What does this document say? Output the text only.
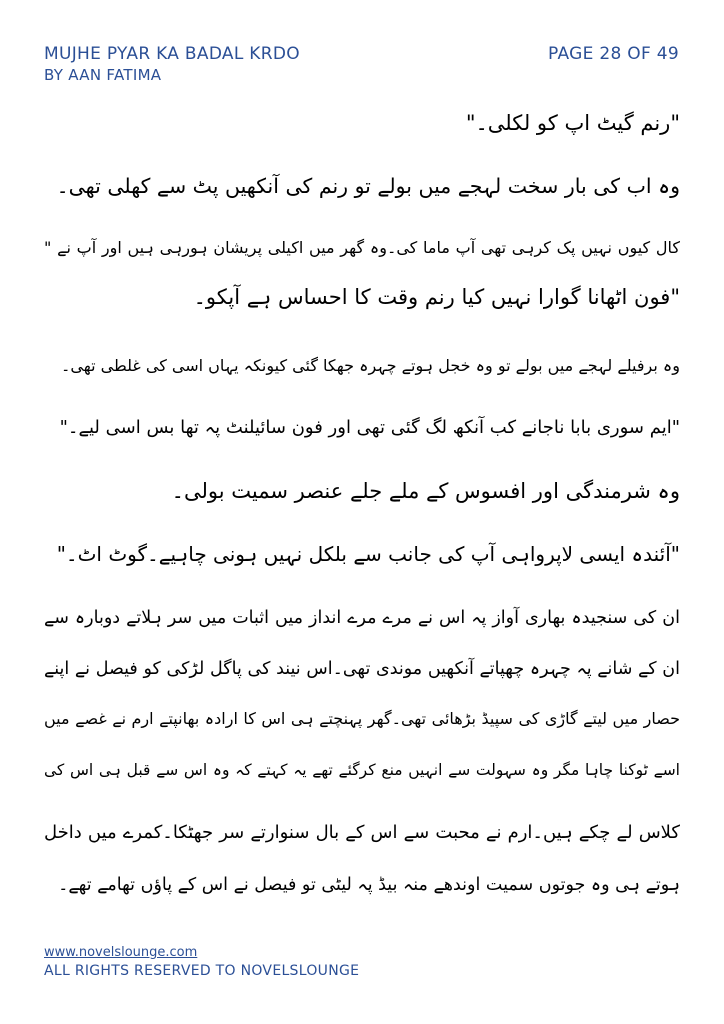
MUJHE PYAR KA BADAL KRDO
BY AAN FATIMA
PAGE 28 OF 49
"رنم گیٹ اپ کو لکلی۔"
وہ اب کی بار سخت لہجے میں بولے تو رنم کی آنکھیں پٹ سے کھلی تھی۔
کال کیوں نہیں پک کرہی تھی آپ ماما کی۔وہ گھر میں اکیلی پریشان ہورہی ہیں اور آپ نے "
"فون اٹھانا گوارا نہیں کیا رنم وقت کا احساس ہے آپکو۔
وہ برفیلے لہجے میں بولے تو وہ خجل ہوتے چہرہ جھکا گئی کیونکہ یہاں اسی کی غلطی تھی۔
"ایم سوری بابا ناجانے کب آنکھ لگ گئی تھی اور فون سائیلنٹ پہ تھا بس اسی لیے۔"
وہ شرمندگی اور افسوس کے ملے جلے عنصر سمیت بولی۔
"آئندہ ایسی لاپرواہی آپ کی جانب سے بلکل نہیں ہونی چاہیے۔گوٹ اٹ۔"
ان کی سنجیدہ بھاری آواز پہ اس نے مرے مرے انداز میں اثبات میں سر ہلاتے دوبارہ سے
ان کے شانے پہ چہرہ چھپاتے آنکھیں موندی تھی۔اس نیند کی پاگل لڑکی کو فیصل نے اپنے
حصار میں لیتے گاڑی کی سپیڈ بڑھائی تھی۔گھر پہنچتے ہی اس کا ارادہ بھانپتے ارم نے غصے میں
اسے ٹوکنا چاہا مگر وہ سہولت سے انہیں منع کرگئے تھے یہ کہتے کہ وہ اس سے قبل ہی اس کی
کلاس لے چکے ہیں۔ارم نے محبت سے اس کے بال سنوارتے سر جھٹکا۔کمرے میں داخل
ہوتے ہی وہ جوتوں سمیت اوندھے منہ بیڈ پہ لیٹی تو فیصل نے اس کے پاؤں تھامے تھے۔
www.novelslounge.com
ALL RIGHTS RESERVED TO NOVELSLOUNGE
